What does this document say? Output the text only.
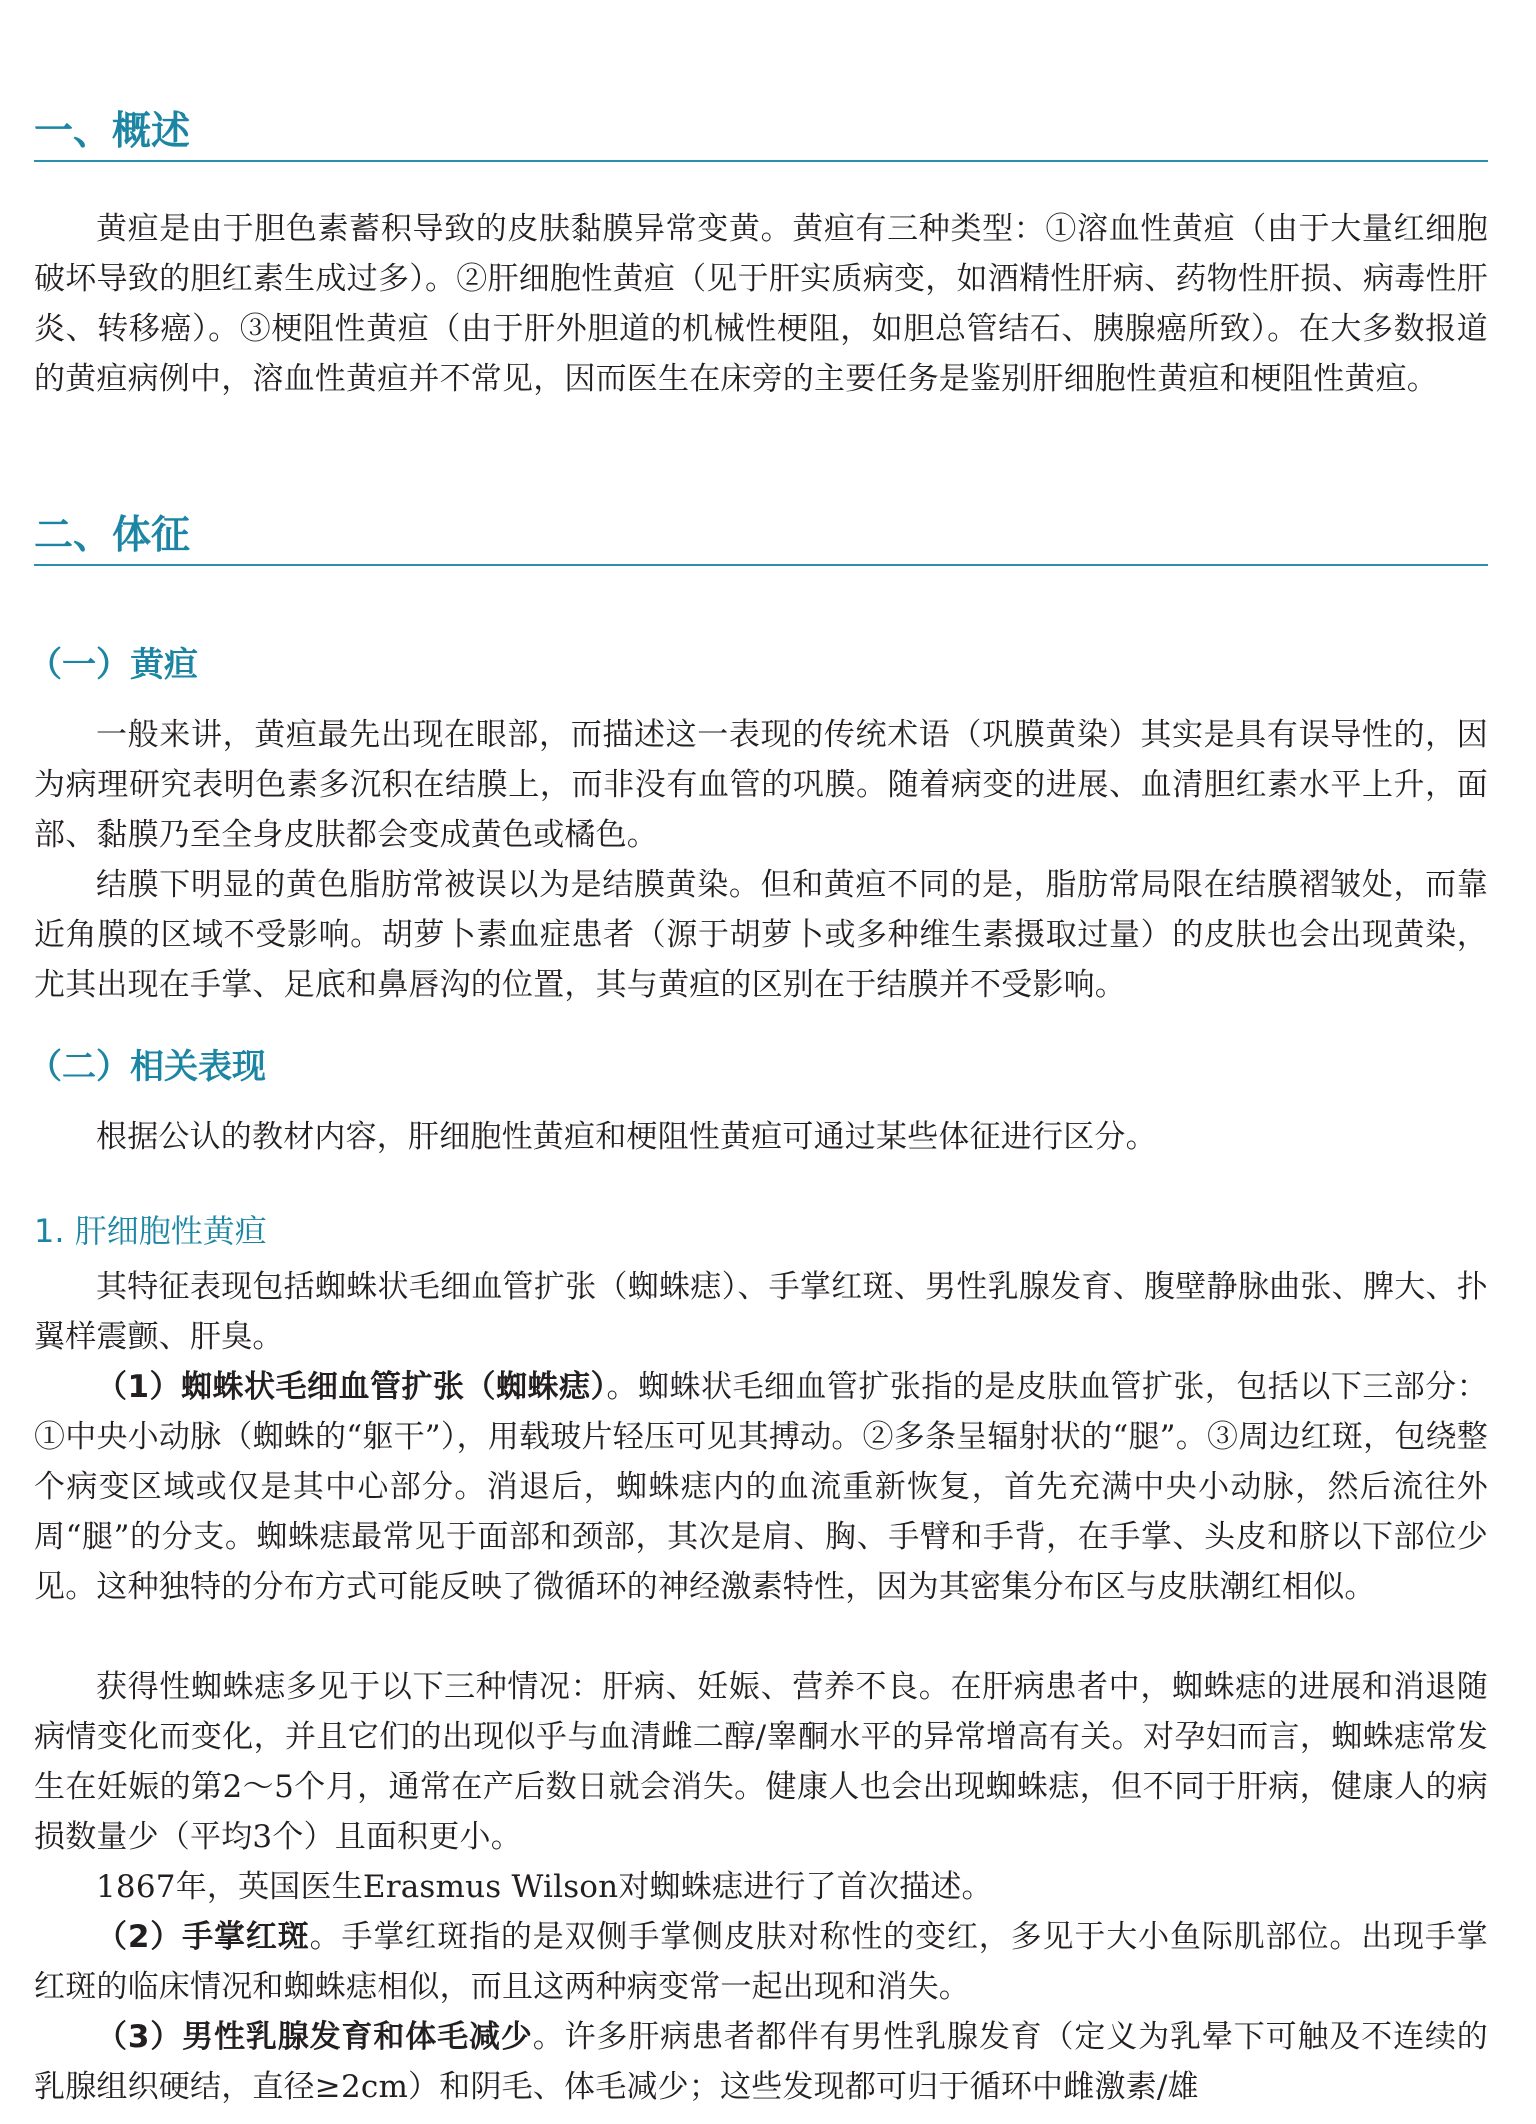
一、概述

黄疸是由于胆色素蓄积导致的皮肤黏膜异常变黄。黄疸有三种类型：①溶血性黄疸（由于大量红细胞破坏导致的胆红素生成过多）。②肝细胞性黄疸（见于肝实质病变，如酒精性肝病、药物性肝损、病毒性肝炎、转移癌）。③梗阻性黄疸（由于肝外胆道的机械性梗阻，如胆总管结石、胰腺癌所致）。在大多数报道的黄疸病例中，溶血性黄疸并不常见，因而医生在床旁的主要任务是鉴别肝细胞性黄疸和梗阻性黄疸。

二、体征
（一）黄疸

一般来讲，黄疸最先出现在眼部，而描述这一表现的传统术语（巩膜黄染）其实是具有误导性的，因为病理研究表明色素多沉积在结膜上，而非没有血管的巩膜。随着病变的进展、血清胆红素水平上升，面部、黏膜乃至全身皮肤都会变成黄色或橘色。

结膜下明显的黄色脂肪常被误以为是结膜黄染。但和黄疸不同的是，脂肪常局限在结膜褶皱处，而靠近角膜的区域不受影响。胡萝卜素血症患者（源于胡萝卜或多种维生素摄取过量）的皮肤也会出现黄染，尤其出现在手掌、足底和鼻唇沟的位置，其与黄疸的区别在于结膜并不受影响。

（二）相关表现

根据公认的教材内容，肝细胞性黄疸和梗阻性黄疸可通过某些体征进行区分。

1. 肝细胞性黄疸

其特征表现包括蜘蛛状毛细血管扩张（蜘蛛痣）、手掌红斑、男性乳腺发育、腹壁静脉曲张、脾大、扑翼样震颤、肝臭。

（1）蜘蛛状毛细血管扩张（蜘蛛痣）。蜘蛛状毛细血管扩张指的是皮肤血管扩张，包括以下三部分：①中央小动脉（蜘蛛的“躯干”），用载玻片轻压可见其搏动。②多条呈辐射状的“腿”。③周边红斑，包绕整个病变区域或仅是其中心部分。消退后，蜘蛛痣内的血流重新恢复，首先充满中央小动脉，然后流往外周“腿”的分支。蜘蛛痣最常见于面部和颈部，其次是肩、胸、手臂和手背，在手掌、头皮和脐以下部位少见。这种独特的分布方式可能反映了微循环的神经激素特性，因为其密集分布区与皮肤潮红相似。

获得性蜘蛛痣多见于以下三种情况：肝病、妊娠、营养不良。在肝病患者中，蜘蛛痣的进展和消退随病情变化而变化，并且它们的出现似乎与血清雌二醇/睾酮水平的异常增高有关。对孕妇而言，蜘蛛痣常发生在妊娠的第2～5个月，通常在产后数日就会消失。健康人也会出现蜘蛛痣，但不同于肝病，健康人的病损数量少（平均3个）且面积更小。

1867年，英国医生Erasmus Wilson对蜘蛛痣进行了首次描述。

（2）手掌红斑。手掌红斑指的是双侧手掌侧皮肤对称性的变红，多见于大小鱼际肌部位。出现手掌红斑的临床情况和蜘蛛痣相似，而且这两种病变常一起出现和消失。

（3）男性乳腺发育和体毛减少。许多肝病患者都伴有男性乳腺发育（定义为乳晕下可触及不连续的乳腺组织硬结，直径≥2cm）和阴毛、体毛减少；这些发现都可归于循环中雌激素/雄
